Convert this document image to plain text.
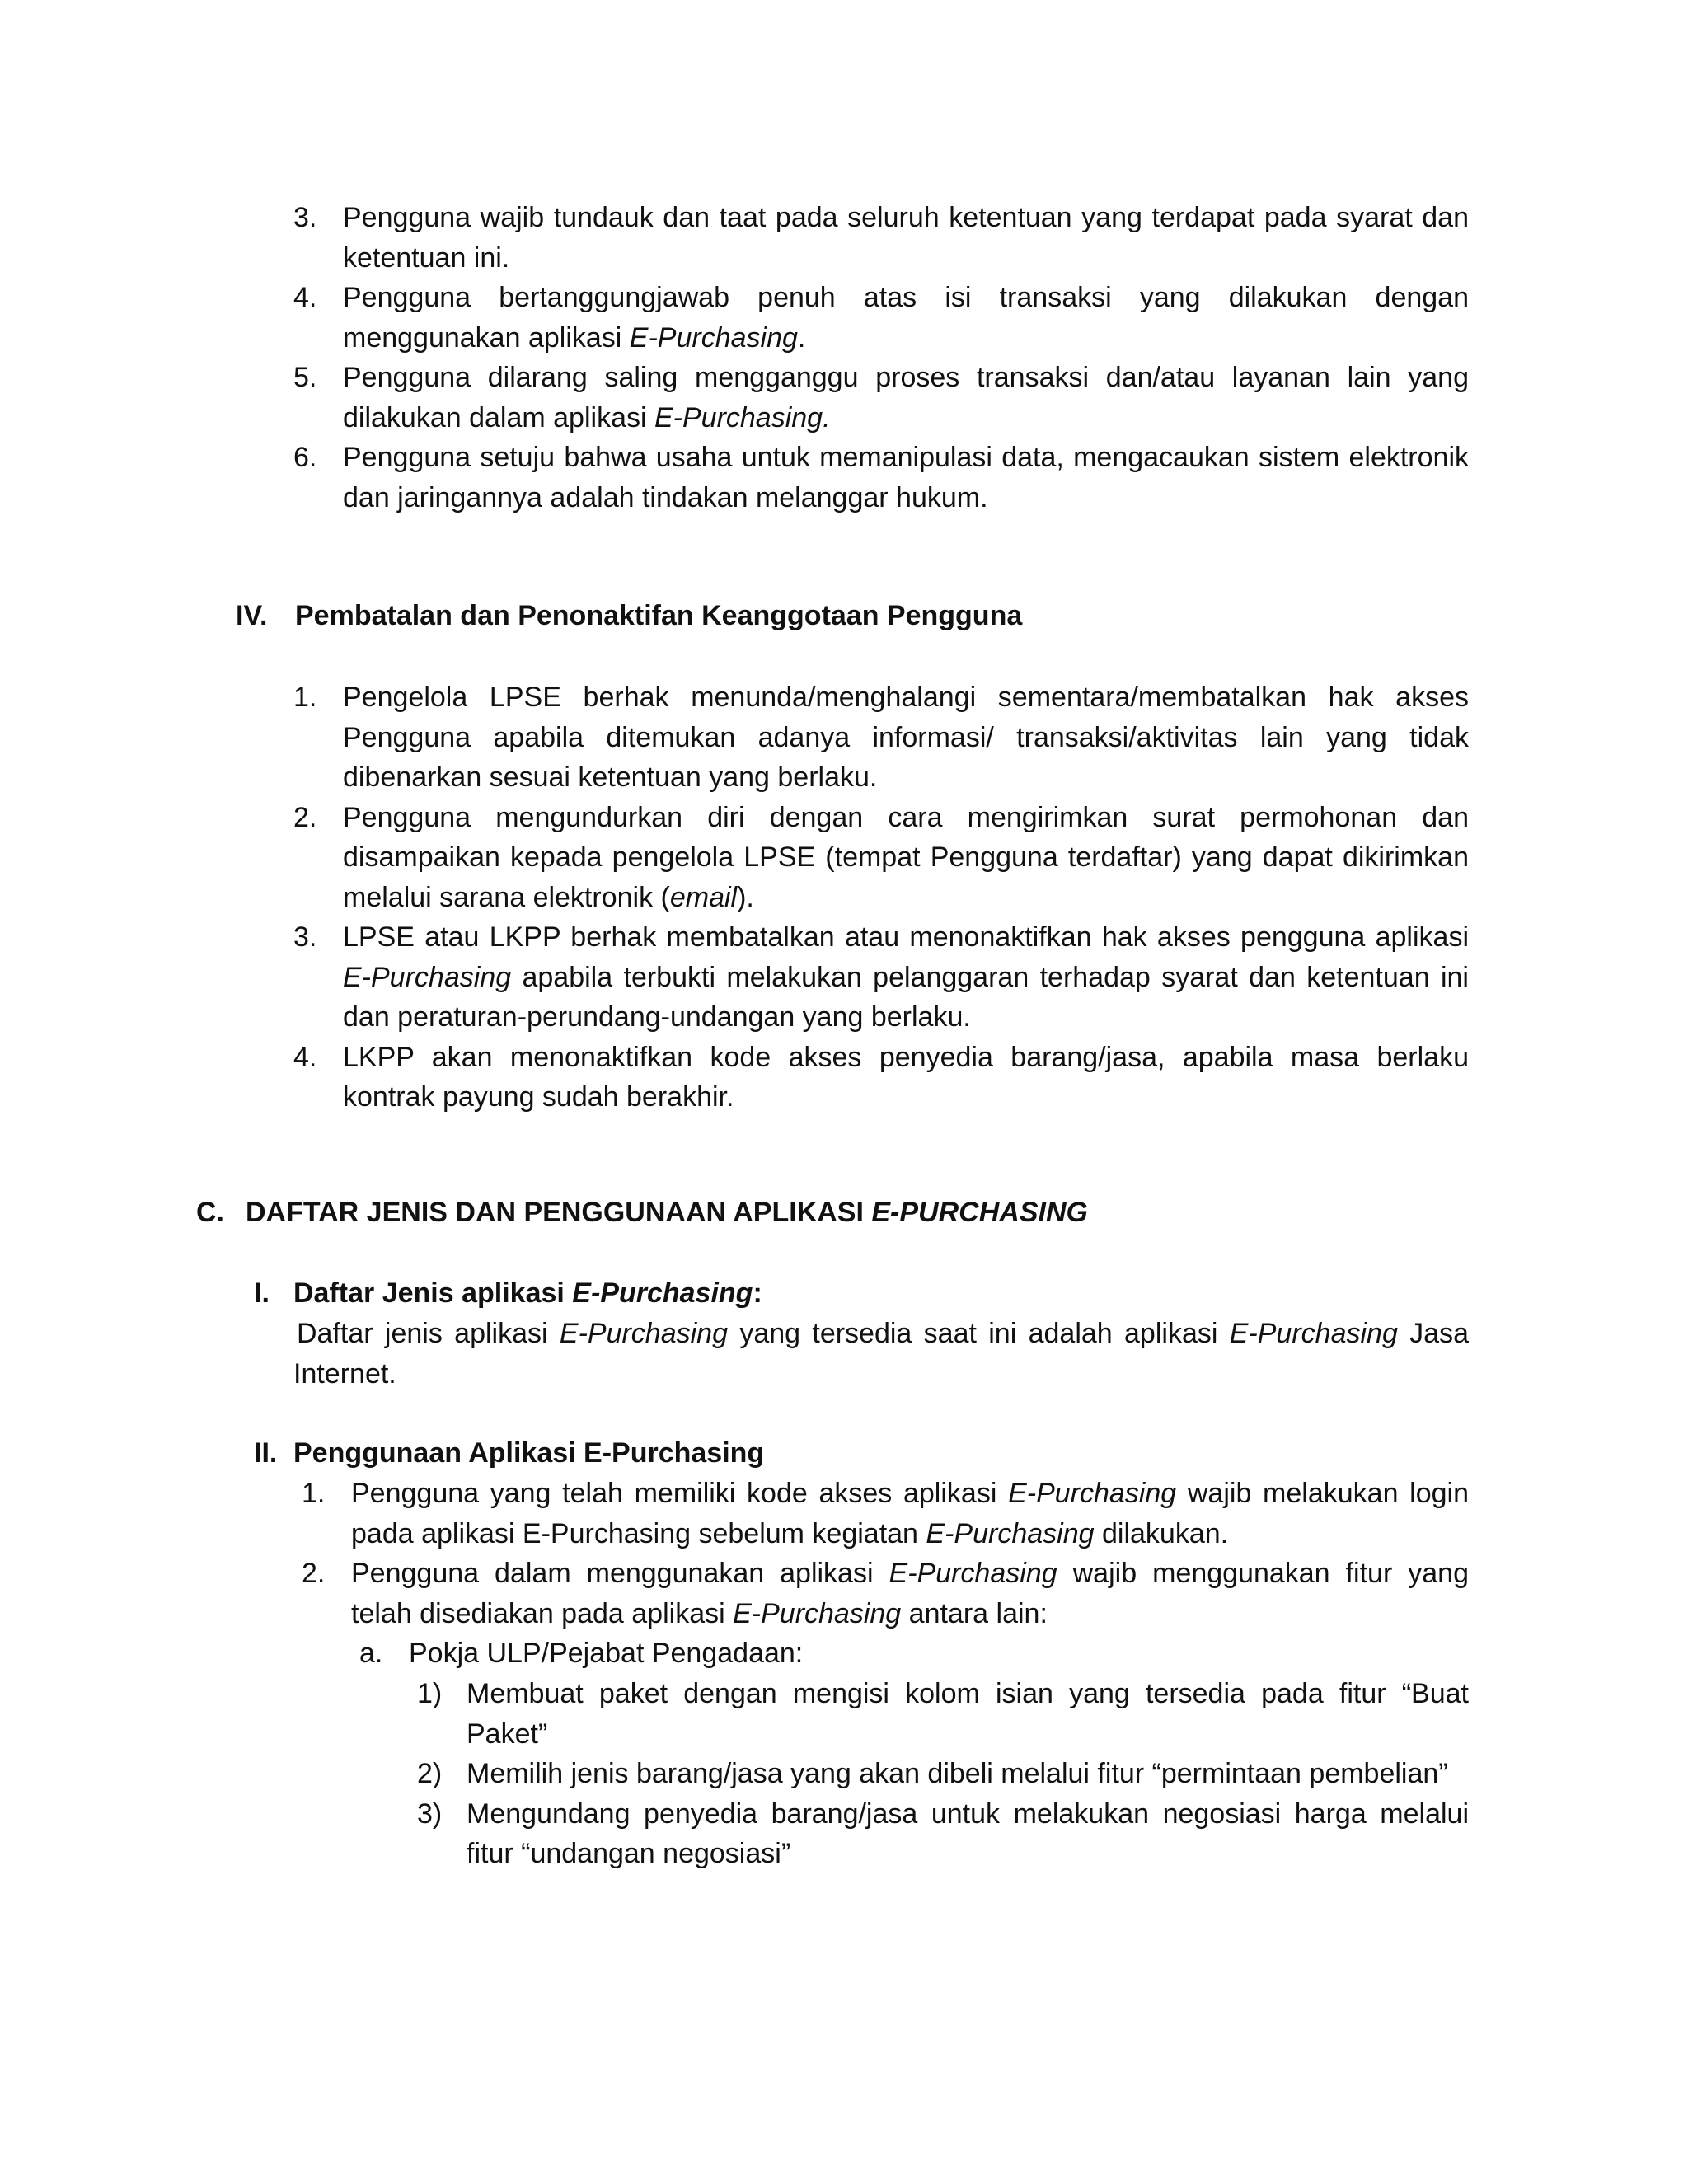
3. Pengguna wajib tundauk dan taat pada seluruh ketentuan yang terdapat pada syarat dan ketentuan ini.
4. Pengguna bertanggungjawab penuh atas isi transaksi yang dilakukan dengan menggunakan aplikasi E-Purchasing.
5. Pengguna dilarang saling mengganggu proses transaksi dan/atau layanan lain yang dilakukan dalam aplikasi E-Purchasing.
6. Pengguna setuju bahwa usaha untuk memanipulasi data, mengacaukan sistem elektronik dan jaringannya adalah tindakan melanggar hukum.
IV. Pembatalan dan Penonaktifan Keanggotaan Pengguna
1. Pengelola LPSE berhak menunda/menghalangi sementara/membatalkan hak akses Pengguna apabila ditemukan adanya informasi/ transaksi/aktivitas lain yang tidak dibenarkan sesuai ketentuan yang berlaku.
2. Pengguna mengundurkan diri dengan cara mengirimkan surat permohonan dan disampaikan kepada pengelola LPSE (tempat Pengguna terdaftar) yang dapat dikirimkan melalui sarana elektronik (email).
3. LPSE atau LKPP berhak membatalkan atau menonaktifkan hak akses pengguna aplikasi E-Purchasing apabila terbukti melakukan pelanggaran terhadap syarat dan ketentuan ini dan peraturan-perundang-undangan yang berlaku.
4. LKPP akan menonaktifkan kode akses penyedia barang/jasa, apabila masa berlaku kontrak payung sudah berakhir.
C. DAFTAR JENIS DAN PENGGUNAAN APLIKASI E-PURCHASING
I. Daftar Jenis aplikasi E-Purchasing:
Daftar jenis aplikasi E-Purchasing yang tersedia saat ini adalah aplikasi E-Purchasing Jasa Internet.
II. Penggunaan Aplikasi E-Purchasing
1. Pengguna yang telah memiliki kode akses aplikasi E-Purchasing wajib melakukan login pada aplikasi E-Purchasing sebelum kegiatan E-Purchasing dilakukan.
2. Pengguna dalam menggunakan aplikasi E-Purchasing wajib menggunakan fitur yang telah disediakan pada aplikasi E-Purchasing antara lain:
a. Pokja ULP/Pejabat Pengadaan:
1) Membuat paket dengan mengisi kolom isian yang tersedia pada fitur “Buat Paket”
2) Memilih jenis barang/jasa yang akan dibeli melalui fitur “permintaan pembelian”
3) Mengundang penyedia barang/jasa untuk melakukan negosiasi harga melalui fitur “undangan negosiasi”
